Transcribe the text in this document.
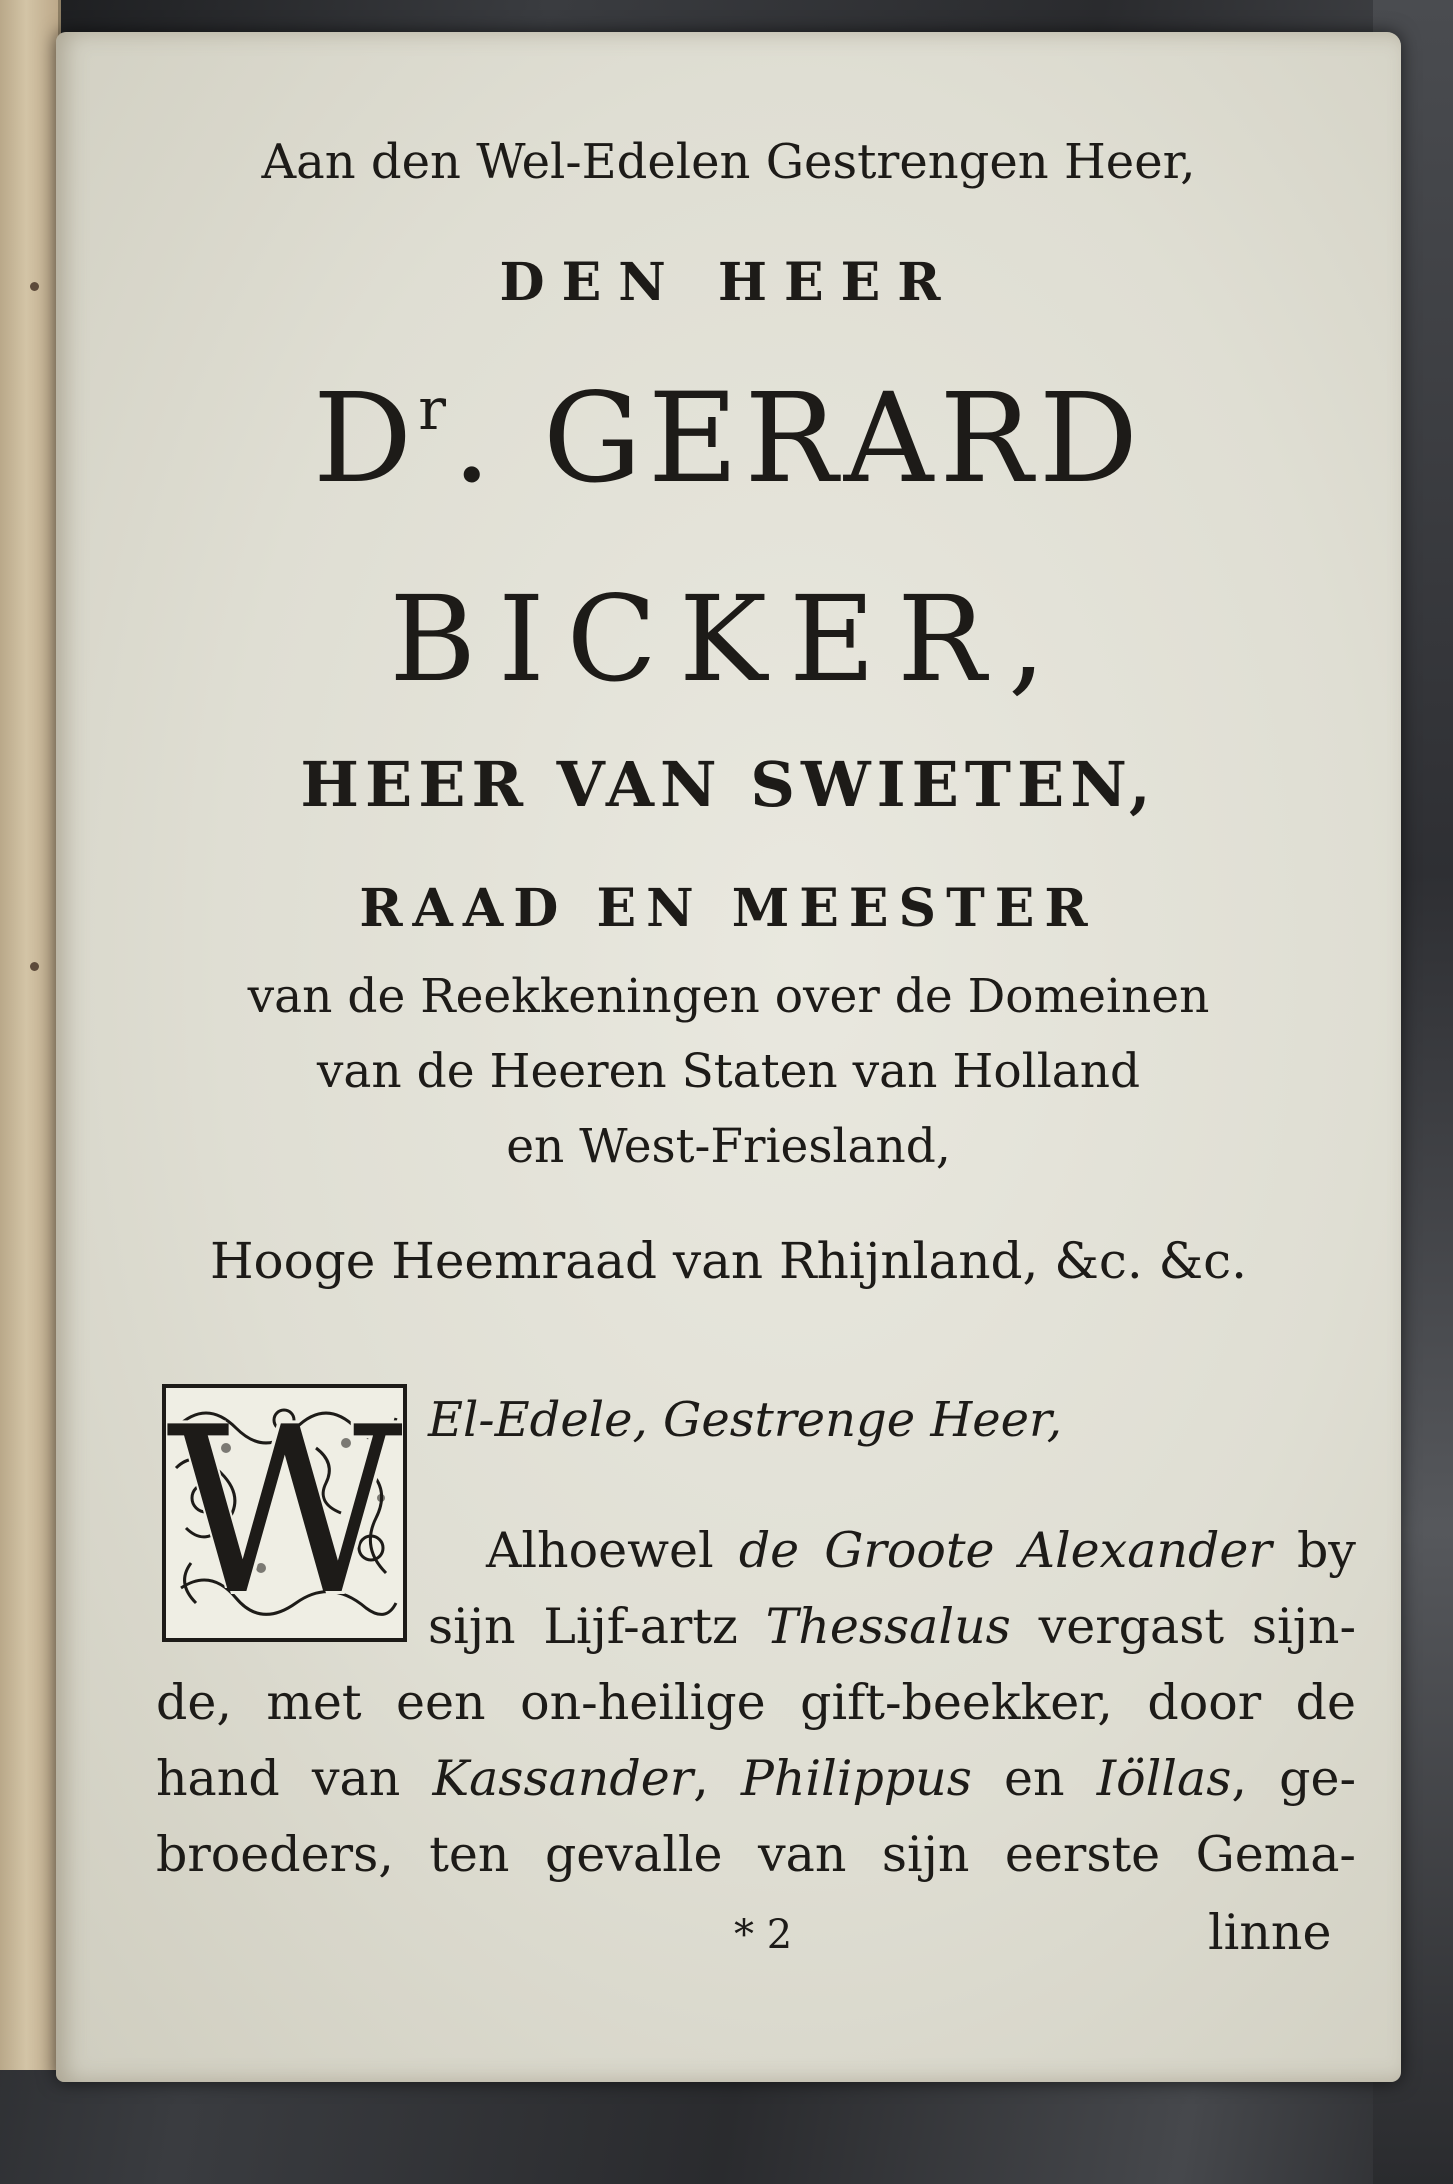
Aan den Wel-Edelen Gestrengen Heer,
DEN HEER
$D^r$. GERARD
BICKER,
HEER VAN SWIETEN,
RAAD EN MEESTER
van de Reekkeningen over de Domeinen
van de Heeren Staten van Holland
en West-Friesland,
Hooge Heemraad van Rhijnland, &c. &c.
W El-Edele, Gestrenge Heer,
Alhoewel de Groote Alexander by
sijn Lijf-artz Thessalus vergast sijn-
de, met een on-heilige gift-beekker, door de
hand van Kassander, Philippus en Iöllas, ge-
broeders, ten gevalle van sijn eerste Gema-
* 2	linne
